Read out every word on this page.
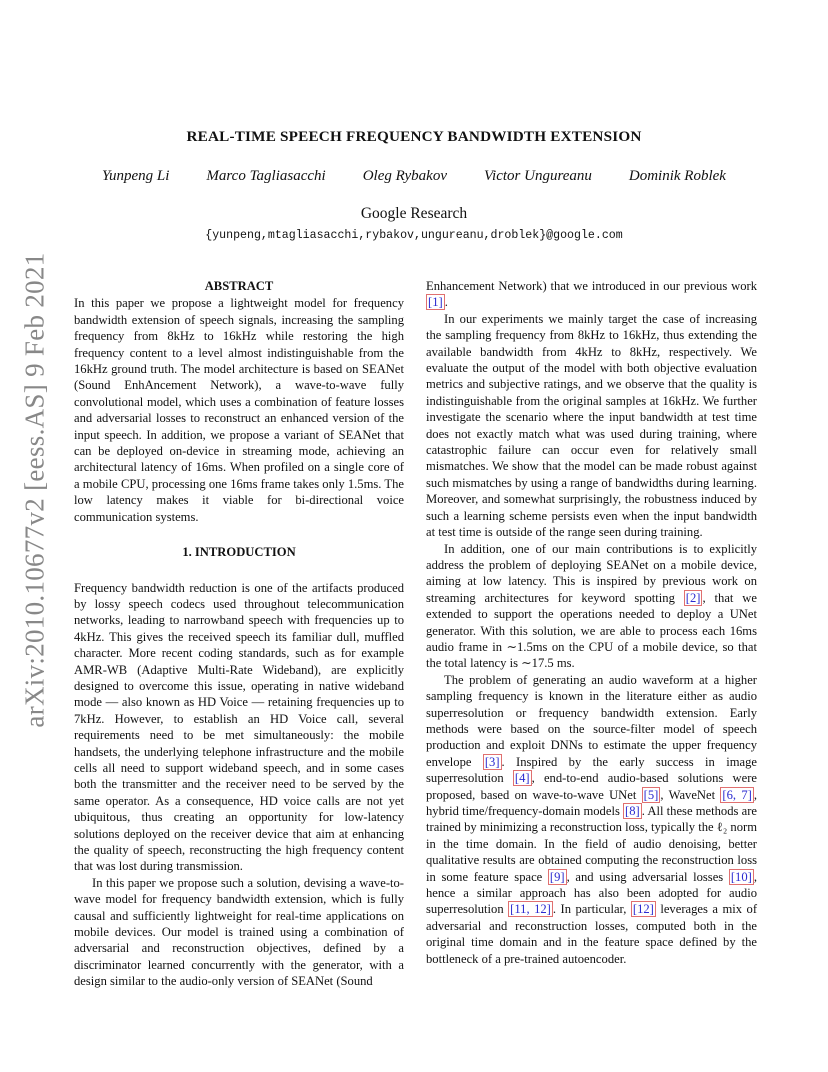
arXiv:2010.10677v2 [eess.AS] 9 Feb 2021
REAL-TIME SPEECH FREQUENCY BANDWIDTH EXTENSION
Yunpeng Li Marco Tagliasacchi Oleg Rybakov Victor Ungureanu Dominik Roblek
Google Research
{yunpeng,mtagliasacchi,rybakov,ungureanu,droblek}@google.com
ABSTRACT

In this paper we propose a lightweight model for frequency bandwidth extension of speech signals, increasing the sampling frequency from 8kHz to 16kHz while restoring the high frequency content to a level almost indistinguishable from the 16kHz ground truth. The model architecture is based on SEANet (Sound EnhAncement Network), a wave-to-wave fully convolutional model, which uses a combination of feature losses and adversarial losses to reconstruct an enhanced version of the input speech. In addition, we propose a variant of SEANet that can be deployed on-device in streaming mode, achieving an architectural latency of 16ms. When profiled on a single core of a mobile CPU, processing one 16ms frame takes only 1.5ms. The low latency makes it viable for bi-directional voice communication systems.

1. INTRODUCTION

Frequency bandwidth reduction is one of the artifacts produced by lossy speech codecs used throughout telecommunication networks, leading to narrowband speech with frequencies up to 4kHz. This gives the received speech its familiar dull, muffled character. More recent coding standards, such as for example AMR-WB (Adaptive Multi-Rate Wideband), are explicitly designed to overcome this issue, operating in native wideband mode — also known as HD Voice — retaining frequencies up to 7kHz. However, to establish an HD Voice call, several requirements need to be met simultaneously: the mobile handsets, the underlying telephone infrastructure and the mobile cells all need to support wideband speech, and in some cases both the transmitter and the receiver need to be served by the same operator. As a consequence, HD voice calls are not yet ubiquitous, thus creating an opportunity for low-latency solutions deployed on the receiver device that aim at enhancing the quality of speech, reconstructing the high frequency content that was lost during transmission.

In this paper we propose such a solution, devising a wave-to-wave model for frequency bandwidth extension, which is fully causal and sufficiently lightweight for real-time applications on mobile devices. Our model is trained using a combination of adversarial and reconstruction objectives, defined by a discriminator learned concurrently with the generator, with a design similar to the audio-only version of SEANet (Sound

Enhancement Network) that we introduced in our previous work [1] .

In our experiments we mainly target the case of increasing the sampling frequency from 8kHz to 16kHz, thus extending the available bandwidth from 4kHz to 8kHz, respectively. We evaluate the output of the model with both objective evaluation metrics and subjective ratings, and we observe that the quality is indistinguishable from the original samples at 16kHz. We further investigate the scenario where the input bandwidth at test time does not exactly match what was used during training, where catastrophic failure can occur even for relatively small mismatches. We show that the model can be made robust against such mismatches by using a range of bandwidths during learning. Moreover, and somewhat surprisingly, the robustness induced by such a learning scheme persists even when the input bandwidth at test time is outside of the range seen during training.

In addition, one of our main contributions is to explicitly address the problem of deploying SEANet on a mobile device, aiming at low latency. This is inspired by previous work on streaming architectures for keyword spotting [2] , that we extended to support the operations needed to deploy a UNet generator. With this solution, we are able to process each 16ms audio frame in ∼1.5ms on the CPU of a mobile device, so that the total latency is ∼17.5 ms.

The problem of generating an audio waveform at a higher sampling frequency is known in the literature either as audio superresolution or frequency bandwidth extension. Early methods were based on the source-filter model of speech production and exploit DNNs to estimate the upper frequency envelope [3] . Inspired by the early success in image superresolution [4] , end-to-end audio-based solutions were proposed, based on wave-to-wave UNet [5] , WaveNet [6, 7] , hybrid time/frequency-domain models [8] . All these methods are trained by minimizing a reconstruction loss, typically the ℓ₂ norm in the time domain. In the field of audio denoising, better qualitative results are obtained computing the reconstruction loss in some feature space [9] , and using adversarial losses [10] , hence a similar approach has also been adopted for audio superresolution [11, 12] . In particular, [12] leverages a mix of adversarial and reconstruction losses, computed both in the original time domain and in the feature space defined by the bottleneck of a pre-trained autoencoder.
